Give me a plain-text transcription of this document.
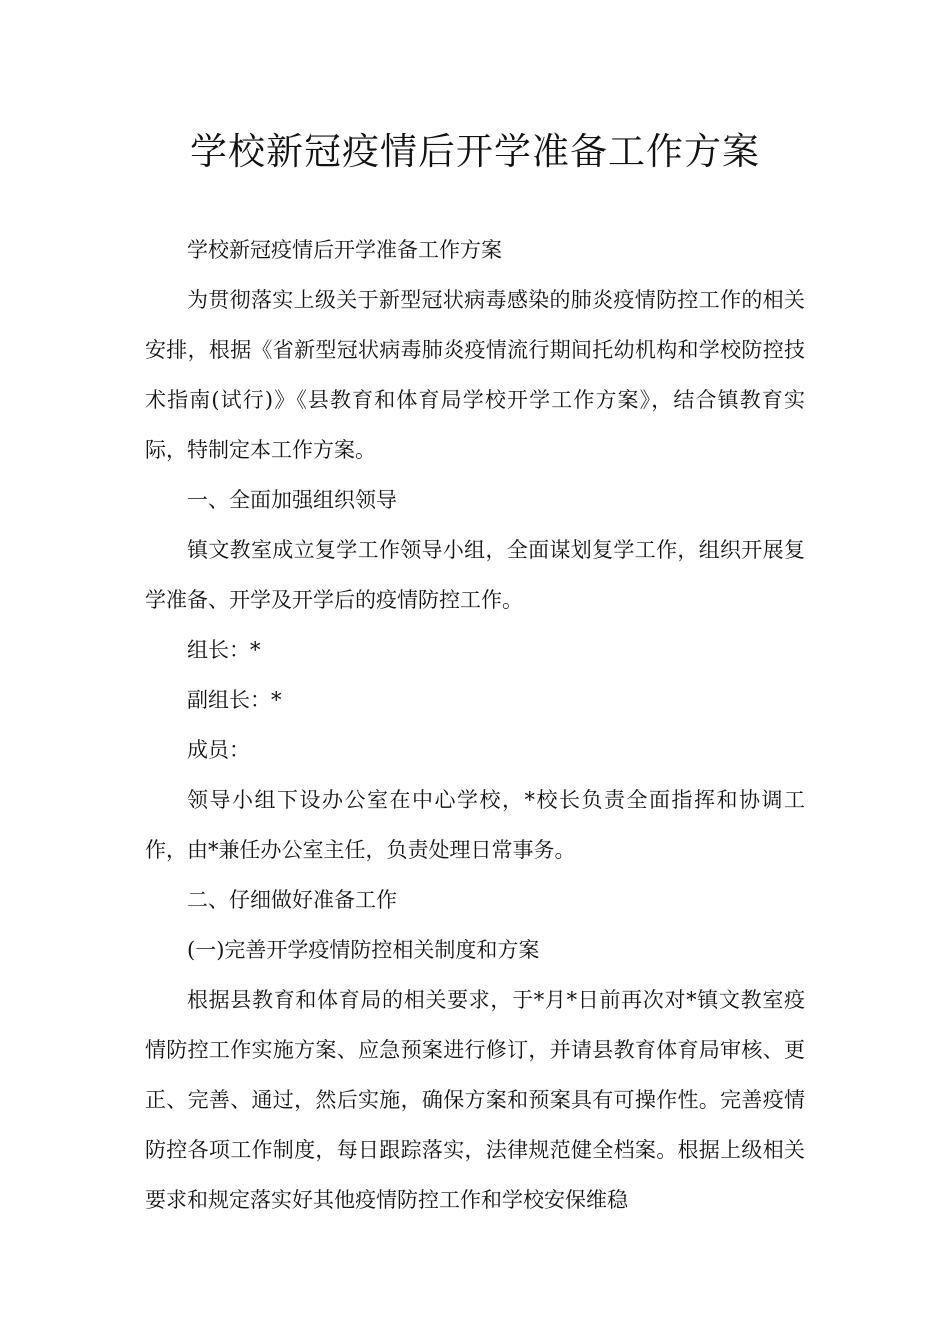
学校新冠疫情后开学准备工作方案

学校新冠疫情后开学准备工作方案

为贯彻落实上级关于新型冠状病毒感染的肺炎疫情防控工作的相关安排，根据《省新型冠状病毒肺炎疫情流行期间托幼机构和学校防控技术指南(试行)》《县教育和体育局学校开学工作方案》，结合镇教育实际，特制定本工作方案。

一、全面加强组织领导

镇文教室成立复学工作领导小组，全面谋划复学工作，组织开展复学准备、开学及开学后的疫情防控工作。

组长：*

副组长：*

成员：

领导小组下设办公室在中心学校，*校长负责全面指挥和协调工作，由*兼任办公室主任，负责处理日常事务。

二、仔细做好准备工作

(一)完善开学疫情防控相关制度和方案

根据县教育和体育局的相关要求，于*月*日前再次对*镇文教室疫情防控工作实施方案、应急预案进行修订，并请县教育体育局审核、更正、完善、通过，然后实施，确保方案和预案具有可操作性。完善疫情防控各项工作制度，每日跟踪落实，法律规范健全档案。根据上级相关要求和规定落实好其他疫情防控工作和学校安保维稳
